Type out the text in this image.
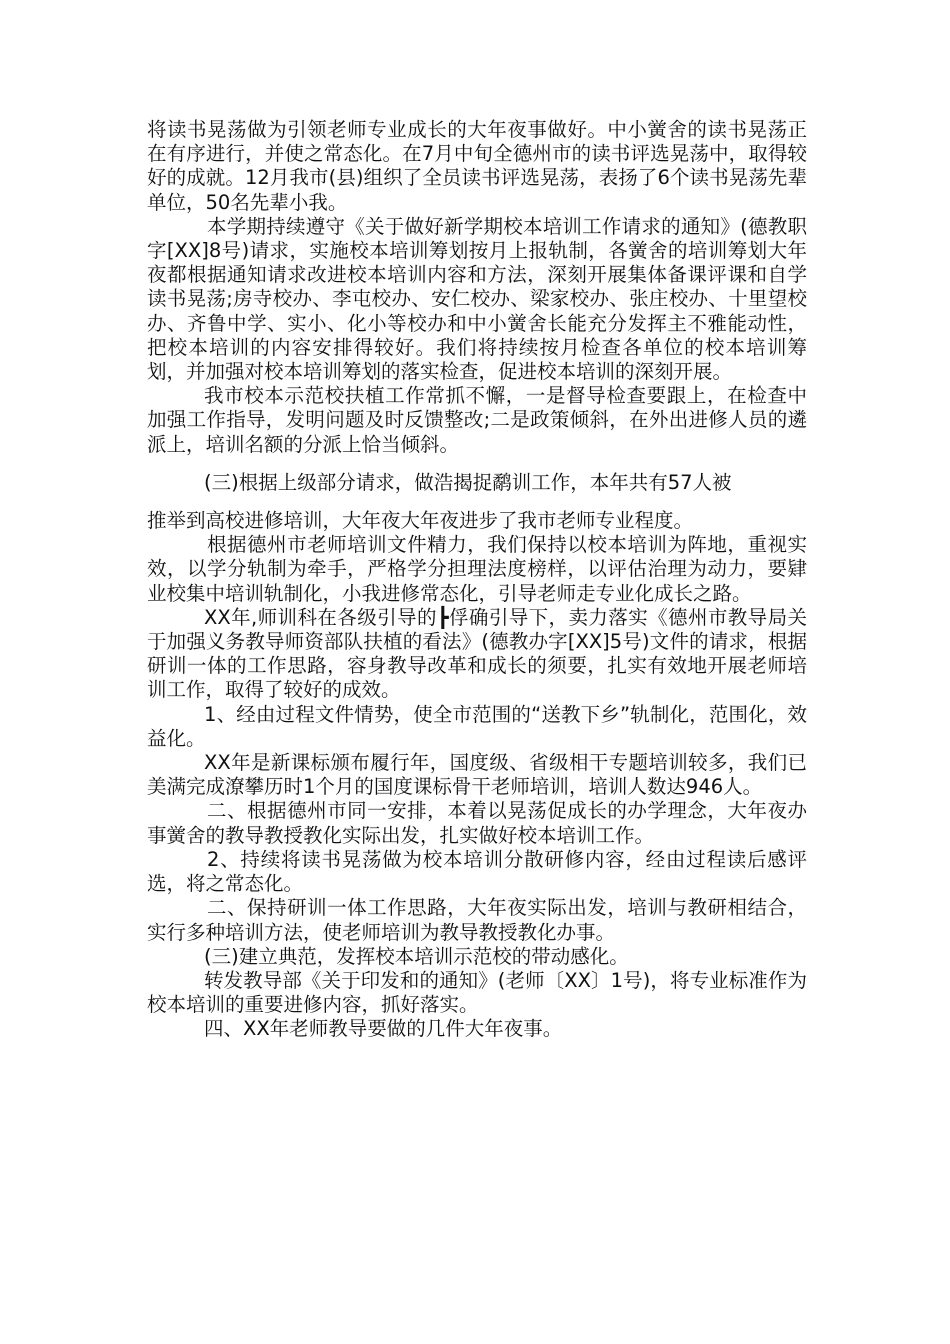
将读书晃荡做为引领老师专业成长的大年夜事做好。中小黉舍的读书晃荡正在有序进行，并使之常态化。在7月中旬全德州市的读书评选晃荡中，取得较好的成就。12月我市(县)组织了全员读书评选晃荡，表扬了6个读书晃荡先辈单位，50名先辈小我。

本学期持续遵守《关于做好新学期校本培训工作请求的通知》(德教职字[XX]8号)请求，实施校本培训筹划按月上报轨制，各黉舍的培训筹划大年夜都根据通知请求改进校本培训内容和方法，深刻开展集体备课评课和自学读书晃荡;房寺校办、李屯校办、安仁校办、梁家校办、张庄校办、十里望校办、齐鲁中学、实小、化小等校办和中小黉舍长能充分发挥主不雅能动性，把校本培训的内容安排得较好。我们将持续按月检查各单位的校本培训筹划，并加强对校本培训筹划的落实检查，促进校本培训的深刻开展。

我市校本示范校扶植工作常抓不懈，一是督导检查要跟上，在检查中加强工作指导，发明问题及时反馈整改;二是政策倾斜，在外出进修人员的遴派上，培训名额的分派上恰当倾斜。

(三)根据上级部分请求，做浩揭捉鹬训工作，本年共有57人被

推举到高校进修培训，大年夜大年夜进步了我市老师专业程度。

根据德州市老师培训文件精力，我们保持以校本培训为阵地，重视实效，以学分轨制为牵手，严格学分担理法度榜样，以评估治理为动力，要肄业校集中培训轨制化，小我进修常态化，引导老师走专业化成长之路。

XX年,师训科在各级引导的┣俘确引导下，卖力落实《德州市教导局关于加强义务教导师资部队扶植的看法》(德教办字[XX]5号)文件的请求，根据研训一体的工作思路，容身教导改革和成长的须要，扎实有效地开展老师培训工作，取得了较好的成效。

1、经由过程文件情势，使全市范围的“送教下乡”轨制化，范围化，效益化。

XX年是新课标颁布履行年，国度级、省级相干专题培训较多，我们已美满完成潦攀历时1个月的国度课标骨干老师培训，培训人数达946人。

二、根据德州市同一安排，本着以晃荡促成长的办学理念，大年夜办事黉舍的教导教授教化实际出发，扎实做好校本培训工作。

2、持续将读书晃荡做为校本培训分散研修内容，经由过程读后感评选，将之常态化。

二、保持研训一体工作思路，大年夜实际出发，培训与教研相结合，实行多种培训方法，使老师培训为教导教授教化办事。

(三)建立典范，发挥校本培训示范校的带动感化。

转发教导部《关于印发和的通知》(老师〔XX〕1号)，将专业标准作为校本培训的重要进修内容，抓好落实。

四、XX年老师教导要做的几件大年夜事。
